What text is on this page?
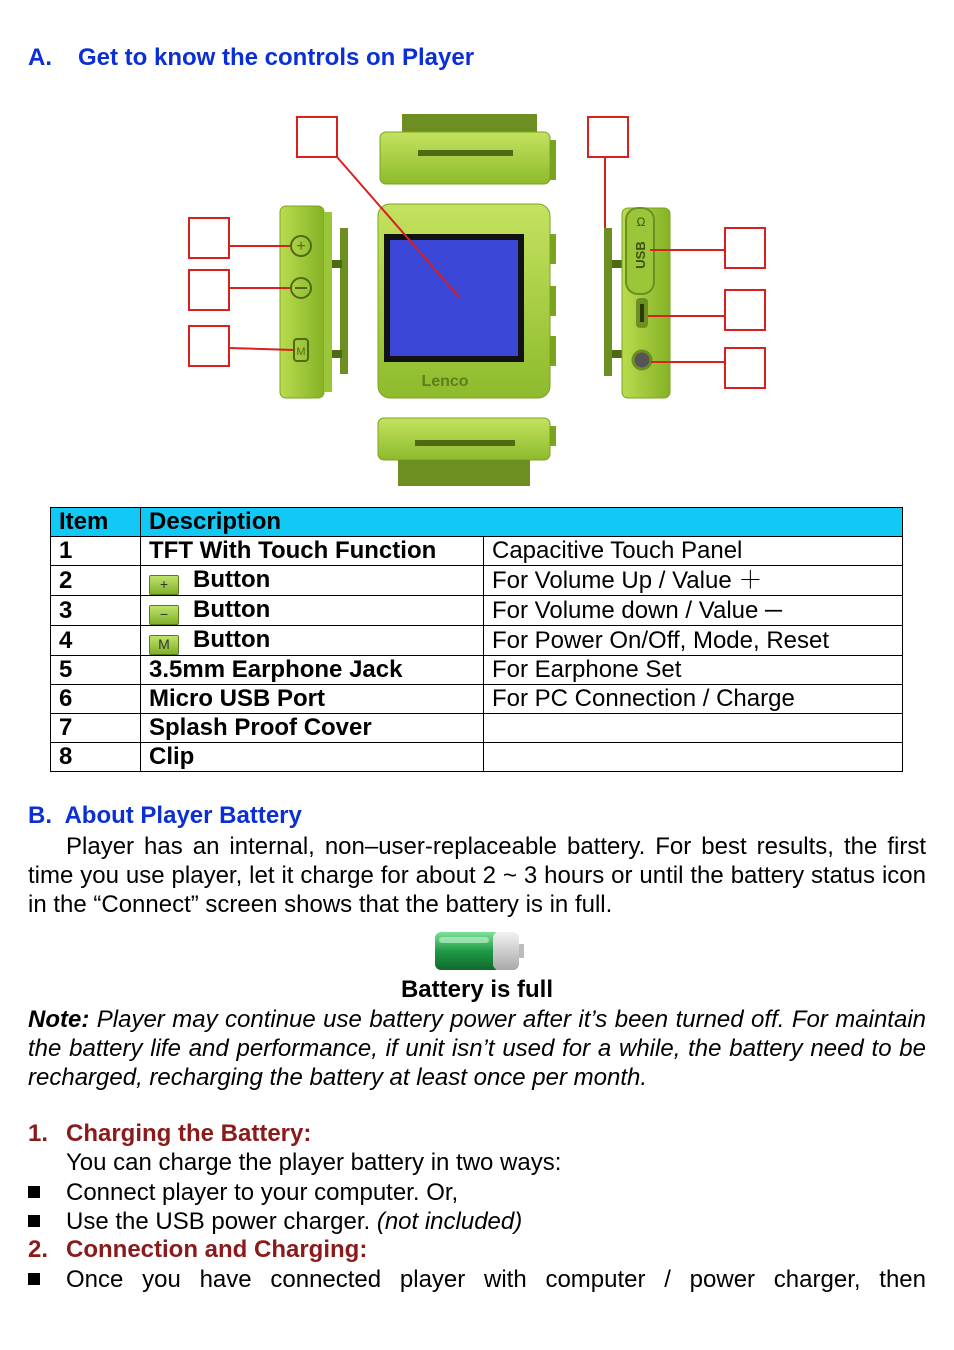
A. Get to know the controls on Player
+
M
Lenco
USB
Ω
Item	Description	
1	TFT With Touch Function	Capacitive Touch Panel
2	+ Button	For Volume Up / Value ＋
3	− Button	For Volume down / Value ─
4	M Button	For Power On/Off, Mode, Reset
5	3.5mm Earphone Jack	For Earphone Set
6	Micro USB Port	For PC Connection / Charge
7	Splash Proof Cover	
8	Clip	
B. About Player Battery
Player has an internal, non–user-replaceable battery. For best results, the first time you use player, let it charge for about 2 ~ 3 hours or until the battery status icon in the “Connect” screen shows that the battery is in full.
Battery is full
Note: Player may continue use battery power after it’s been turned off. For maintain the battery life and performance, if unit isn’t used for a while, the battery need to be recharged, recharging the battery at least once per month.
1. Charging the Battery:
You can charge the player battery in two ways:
Connect player to your computer. Or,
Use the USB power charger. (not included)
2. Connection and Charging:
Once you have connected player with computer / power charger, then
